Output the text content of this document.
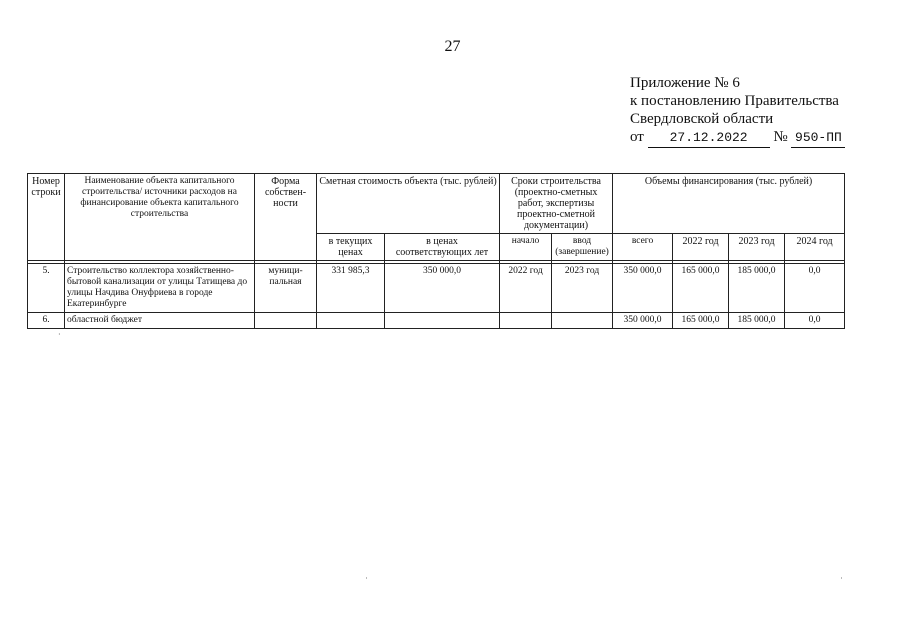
27
Приложение № 6
к постановлению Правительства
Свердловской области
от 27.12.2022 № 950-ПП
Номер строки	Наименование объекта капитального строительства/ источники расходов на финансирование объекта капитального строительства	Форма собствен-ности	Сметная стоимость объекта (тыс. рублей)		Сроки строительства (проектно-сметных работ, экспертизы проектно-сметной документации)		Объемы финансирования (тыс. рублей)			
			в текущих ценах	в ценах соответствующих лет	начало	ввод (завершение)	всего	2022 год	2023 год	2024 год

5.	Строительство коллектора хозяйственно-бытовой канализации от улицы Татищева до улицы Начдива Онуфриева в городе Екатеринбурге	муници-пальная	331 985,3	350 000,0	2022 год	2023 год	350 000,0	165 000,0	185 000,0	0,0
6.	областной бюджет						350 000,0	165 000,0	185 000,0	0,0
·
